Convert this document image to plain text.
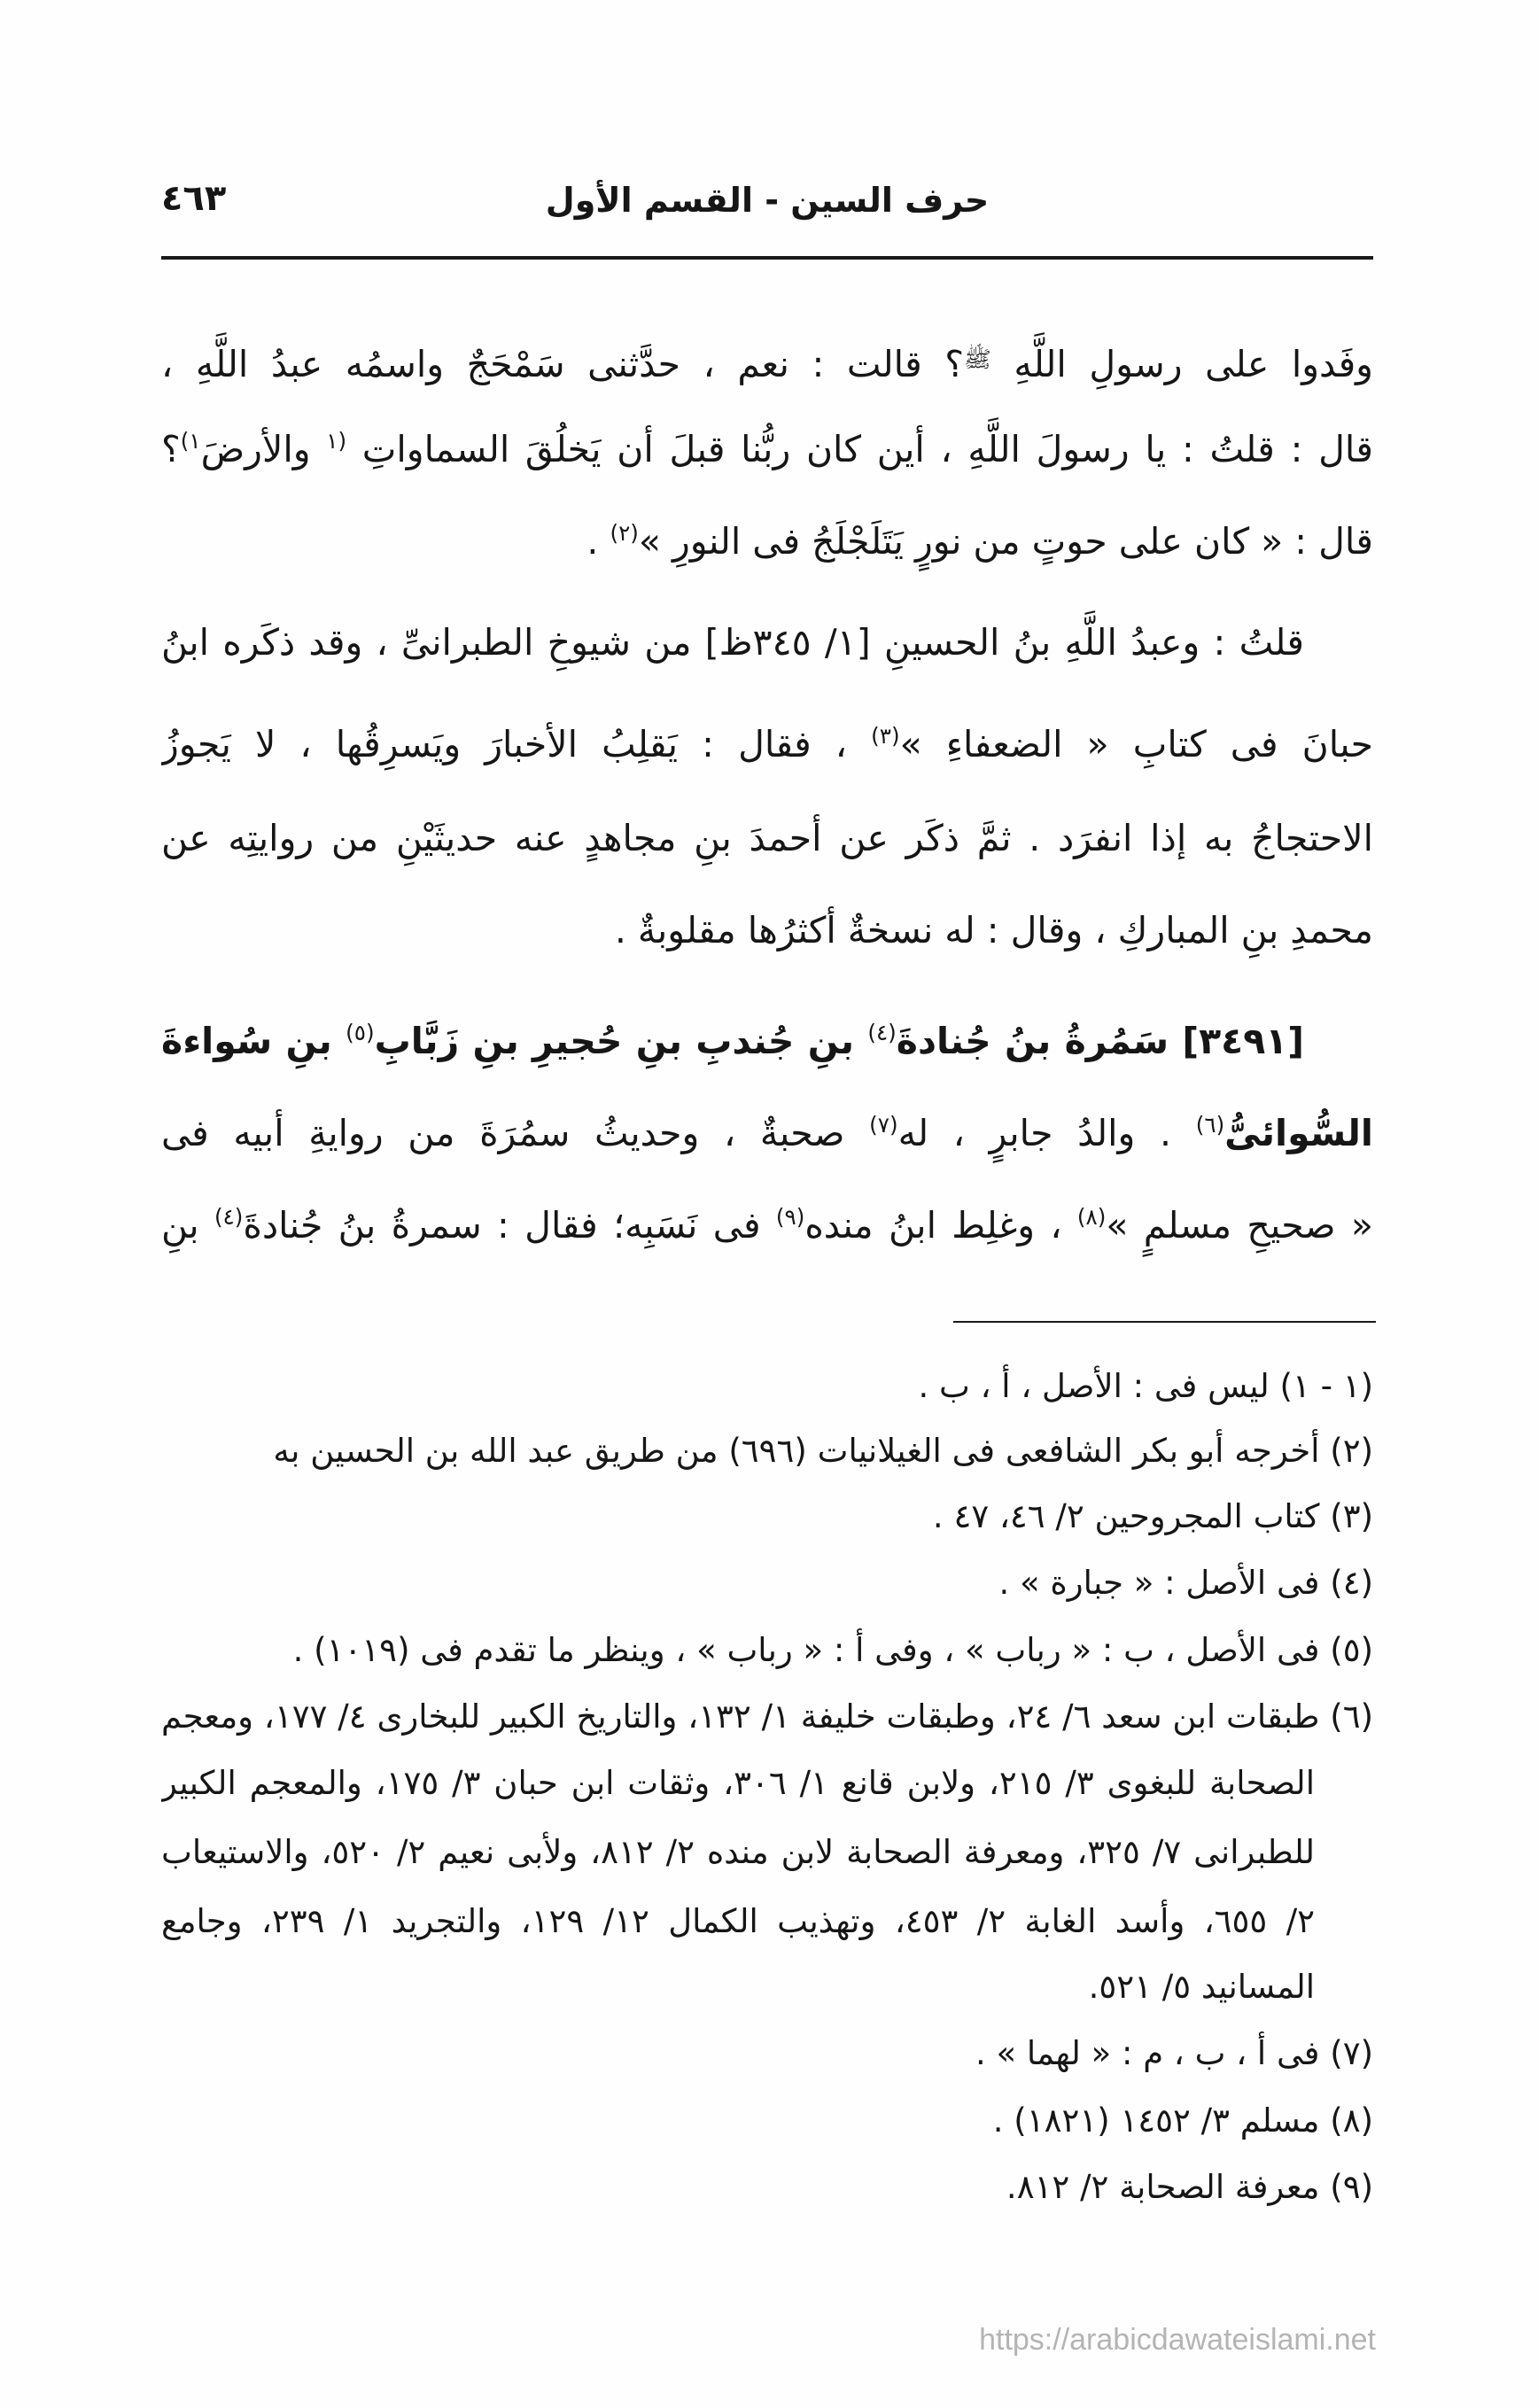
حرف السين - القسم الأول
٤٦٣
وفَدوا على رسولِ اللَّهِ $^ﷺ$؟ قالت : نعم ، حدَّثنى سَمْحَجٌ واسمُه عبدُ اللَّهِ ،
قال : قلتُ : يا رسولَ اللَّهِ ، أين كان ربُّنا قبلَ أن يَخلُقَ السماواتِ $^{(١}$ والأرضَ$^{١)}$؟
قال : « كان على حوتٍ من نورٍ يَتَلَجْلَجُ فى النورِ »$^{(٢)}$ .
قلتُ : وعبدُ اللَّهِ بنُ الحسينِ [١/ ٣٤٥ظ] من شيوخِ الطبرانىِّ ، وقد ذكَره ابنُ
حبانَ فى كتابِ « الضعفاءِ »$^{(٣)}$ ، فقال : يَقلِبُ الأخبارَ ويَسرِقُها ، لا يَجوزُ
الاحتجاجُ به إذا انفرَد . ثمَّ ذكَر عن أحمدَ بنِ مجاهدٍ عنه حديثَيْنِ من روايتِه عن
محمدِ بنِ المباركِ ، وقال : له نسخةٌ أكثرُها مقلوبةٌ .
[٣٤٩١] سَمُرةُ بنُ جُنادةَ$^{(٤)}$ بنِ جُندبِ بنِ حُجيرِ بنِ زَبَّابِ$^{(٥)}$ بنِ سُواءةَ
السُّوائىُّ$^{(٦)}$ . والدُ جابرٍ ، له$^{(٧)}$ صحبةٌ ، وحديثُ سمُرَةَ من روايةِ أبيه فى
« صحيحِ مسلمٍ »$^{(٨)}$ ، وغلِط ابنُ منده$^{(٩)}$ فى نَسَبِه؛ فقال : سمرةُ بنُ جُنادةَ$^{(٤)}$ بنِ
(١ - ١) ليس فى : الأصل ، أ ، ب .
(٢) أخرجه أبو بكر الشافعى فى الغيلانيات (٦٩٦) من طريق عبد الله بن الحسين به
(٣) كتاب المجروحين ٢/ ٤٦، ٤٧ .
(٤) فى الأصل : « جبارة » .
(٥) فى الأصل ، ب : « رباب » ، وفى أ : « رباب » ، وينظر ما تقدم فى (١٠١٩) .
(٦) طبقات ابن سعد ٦/ ٢٤، وطبقات خليفة ١/ ١٣٢، والتاريخ الكبير للبخارى ٤/ ١٧٧، ومعجم
الصحابة للبغوى ٣/ ٢١٥، ولابن قانع ١/ ٣٠٦، وثقات ابن حبان ٣/ ١٧٥، والمعجم الكبير
للطبرانى ٧/ ٣٢٥، ومعرفة الصحابة لابن منده ٢/ ٨١٢، ولأبى نعيم ٢/ ٥٢٠، والاستيعاب
٢/ ٦٥٥، وأسد الغابة ٢/ ٤٥٣، وتهذيب الكمال ١٢/ ١٢٩، والتجريد ١/ ٢٣٩، وجامع
المسانيد ٥/ ٥٢١.
(٧) فى أ ، ب ، م : « لهما » .
(٨) مسلم ٣/ ١٤٥٢ (١٨٢١) .
(٩) معرفة الصحابة ٢/ ٨١٢.
https://arabicdawateislami.net
